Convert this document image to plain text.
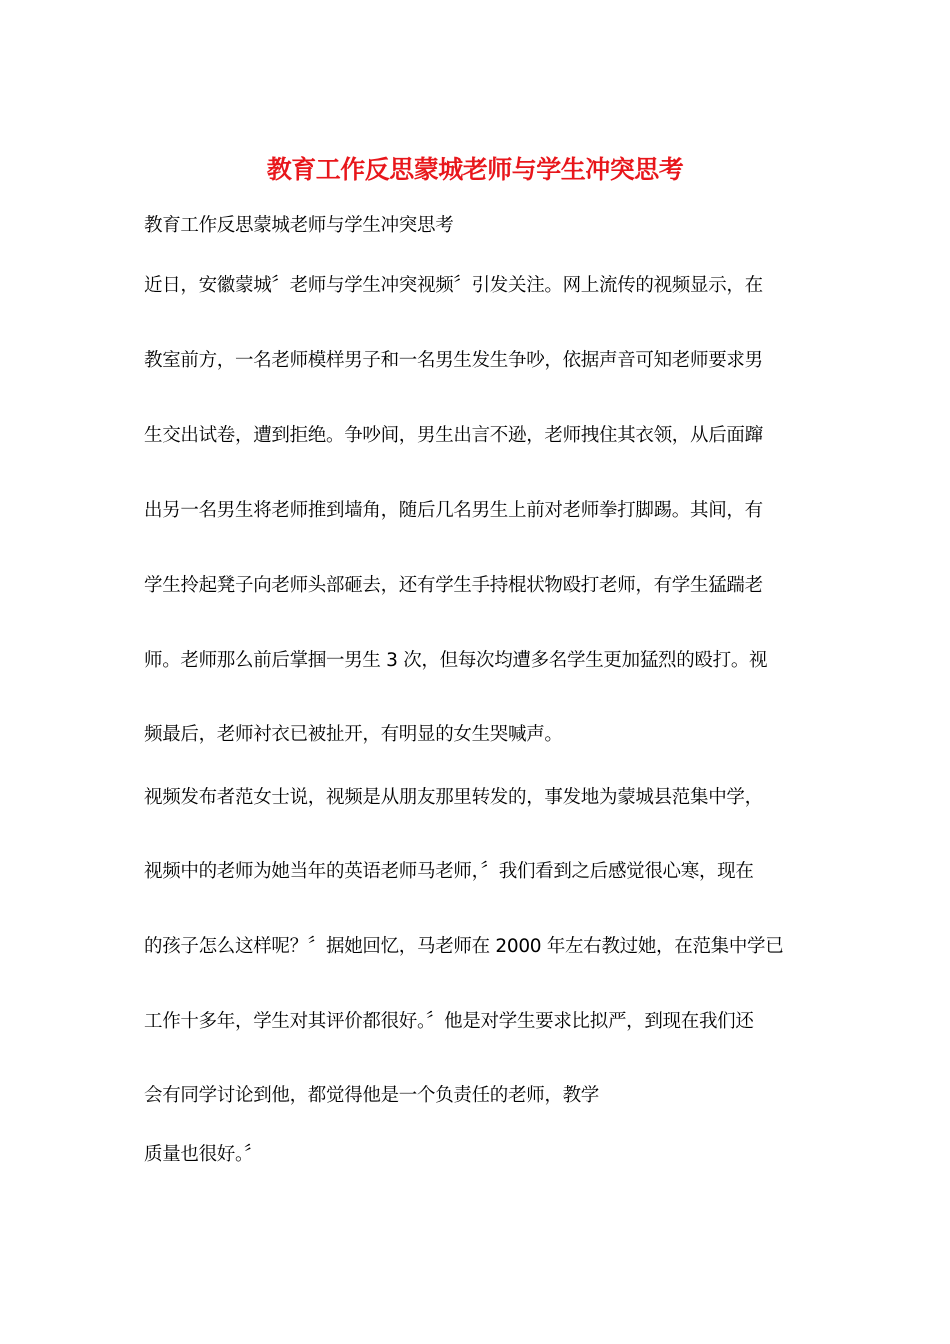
教育工作反思蒙城老师与学生冲突思考
教育工作反思蒙城老师与学生冲突思考
近日，安徽蒙城〞老师与学生冲突视频〞引发关注。网上流传的视频显示，在
教室前方，一名老师模样男子和一名男生发生争吵，依据声音可知老师要求男
生交出试卷，遭到拒绝。争吵间，男生出言不逊，老师拽住其衣领，从后面蹿
出另一名男生将老师推到墙角，随后几名男生上前对老师拳打脚踢。其间，有
学生拎起凳子向老师头部砸去，还有学生手持棍状物殴打老师，有学生猛踹老
师。老师那么前后掌掴一男生 3 次，但每次均遭多名学生更加猛烈的殴打。视
频最后，老师衬衣已被扯开，有明显的女生哭喊声。
视频发布者范女士说，视频是从朋友那里转发的，事发地为蒙城县范集中学，
视频中的老师为她当年的英语老师马老师，〞我们看到之后感觉很心寒，现在
的孩子怎么这样呢？〞据她回忆，马老师在 2000 年左右教过她，在范集中学已
工作十多年，学生对其评价都很好。〞他是对学生要求比拟严，到现在我们还
会有同学讨论到他，都觉得他是一个负责任的老师，教学
质量也很好。〞
